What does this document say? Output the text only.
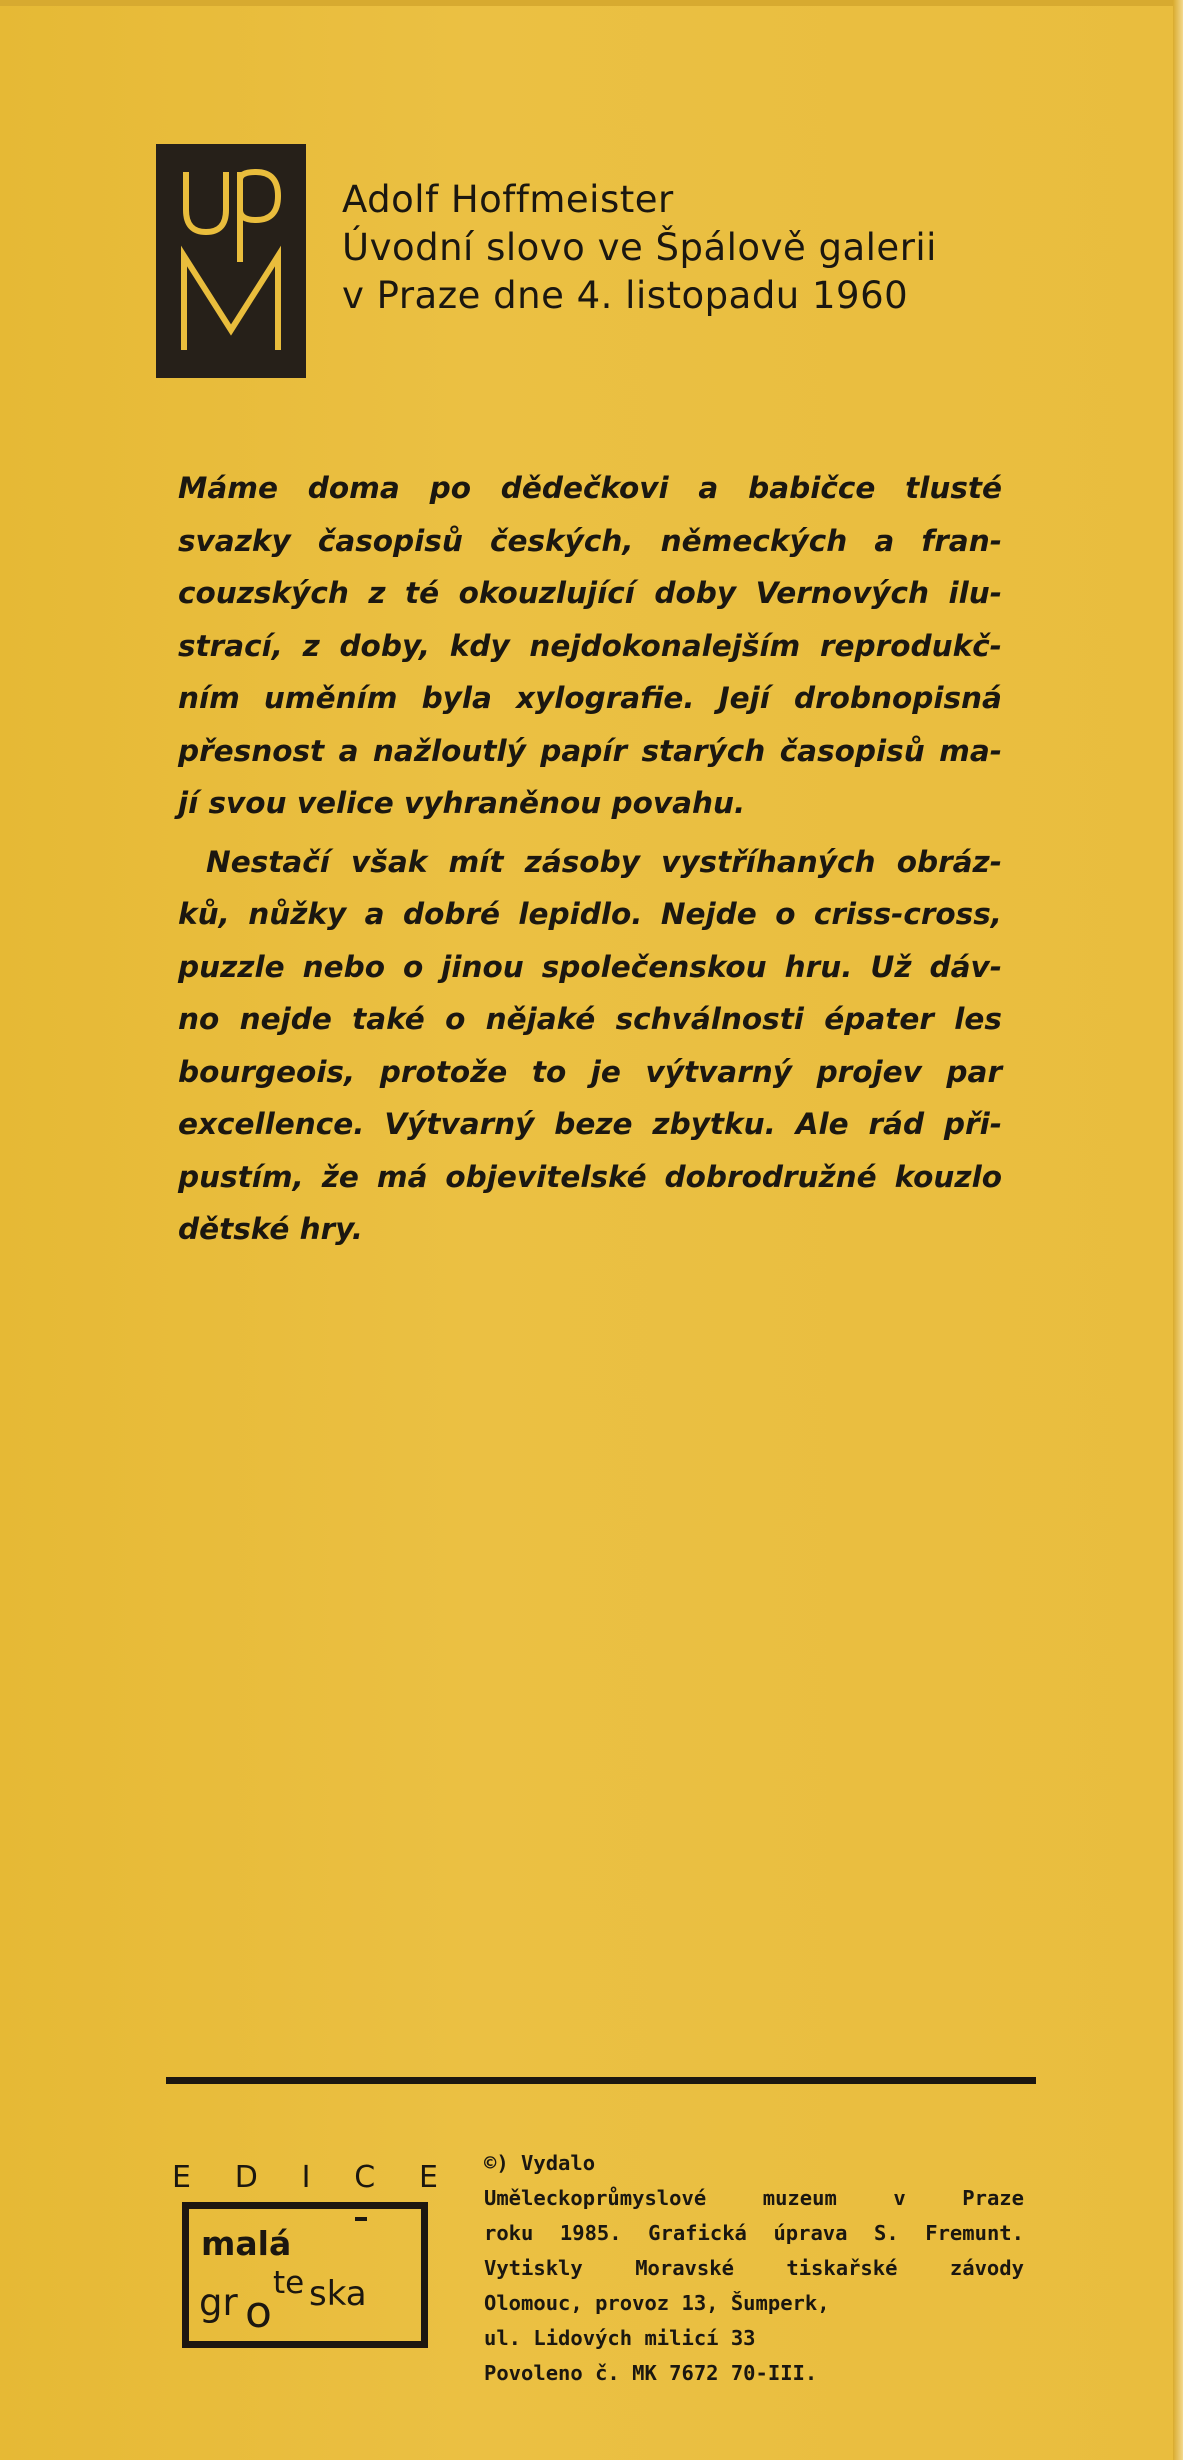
Adolf Hoffmeister
Úvodní slovo ve Špálově galerii
v Praze dne 4. listopadu 1960
Máme doma po dědečkovi a babičce tlusté
svazky časopisů českých, německých a fran-
couzských z té okouzlující doby Vernových ilu-
strací, z doby, kdy nejdokonalejším reprodukč-
ním uměním byla xylografie. Její drobnopisná
přesnost a nažloutlý papír starých časopisů ma-
jí svou velice vyhraněnou povahu.
Nestačí však mít zásoby vystříhaných obráz-
ků, nůžky a dobré lepidlo. Nejde o criss-cross,
puzzle nebo o jinou společenskou hru. Už dáv-
no nejde také o nějaké schválnosti épater les
bourgeois, protože to je výtvarný projev par
excellence. Výtvarný beze zbytku. Ale rád při-
pustím, že má objevitelské dobrodružné kouzlo
dětské hry.
E D I C E
malá
gr o
te ska
©) Vydalo
Uměleckoprůmyslové	muzeum	v	Praze
roku 1985. Grafická úprava S. Fremunt.
Vytiskly	Moravské	tiskařské	závody
Olomouc, provoz 13, Šumperk,
ul. Lidových milicí 33
Povoleno č. MK 7672 70-III.
